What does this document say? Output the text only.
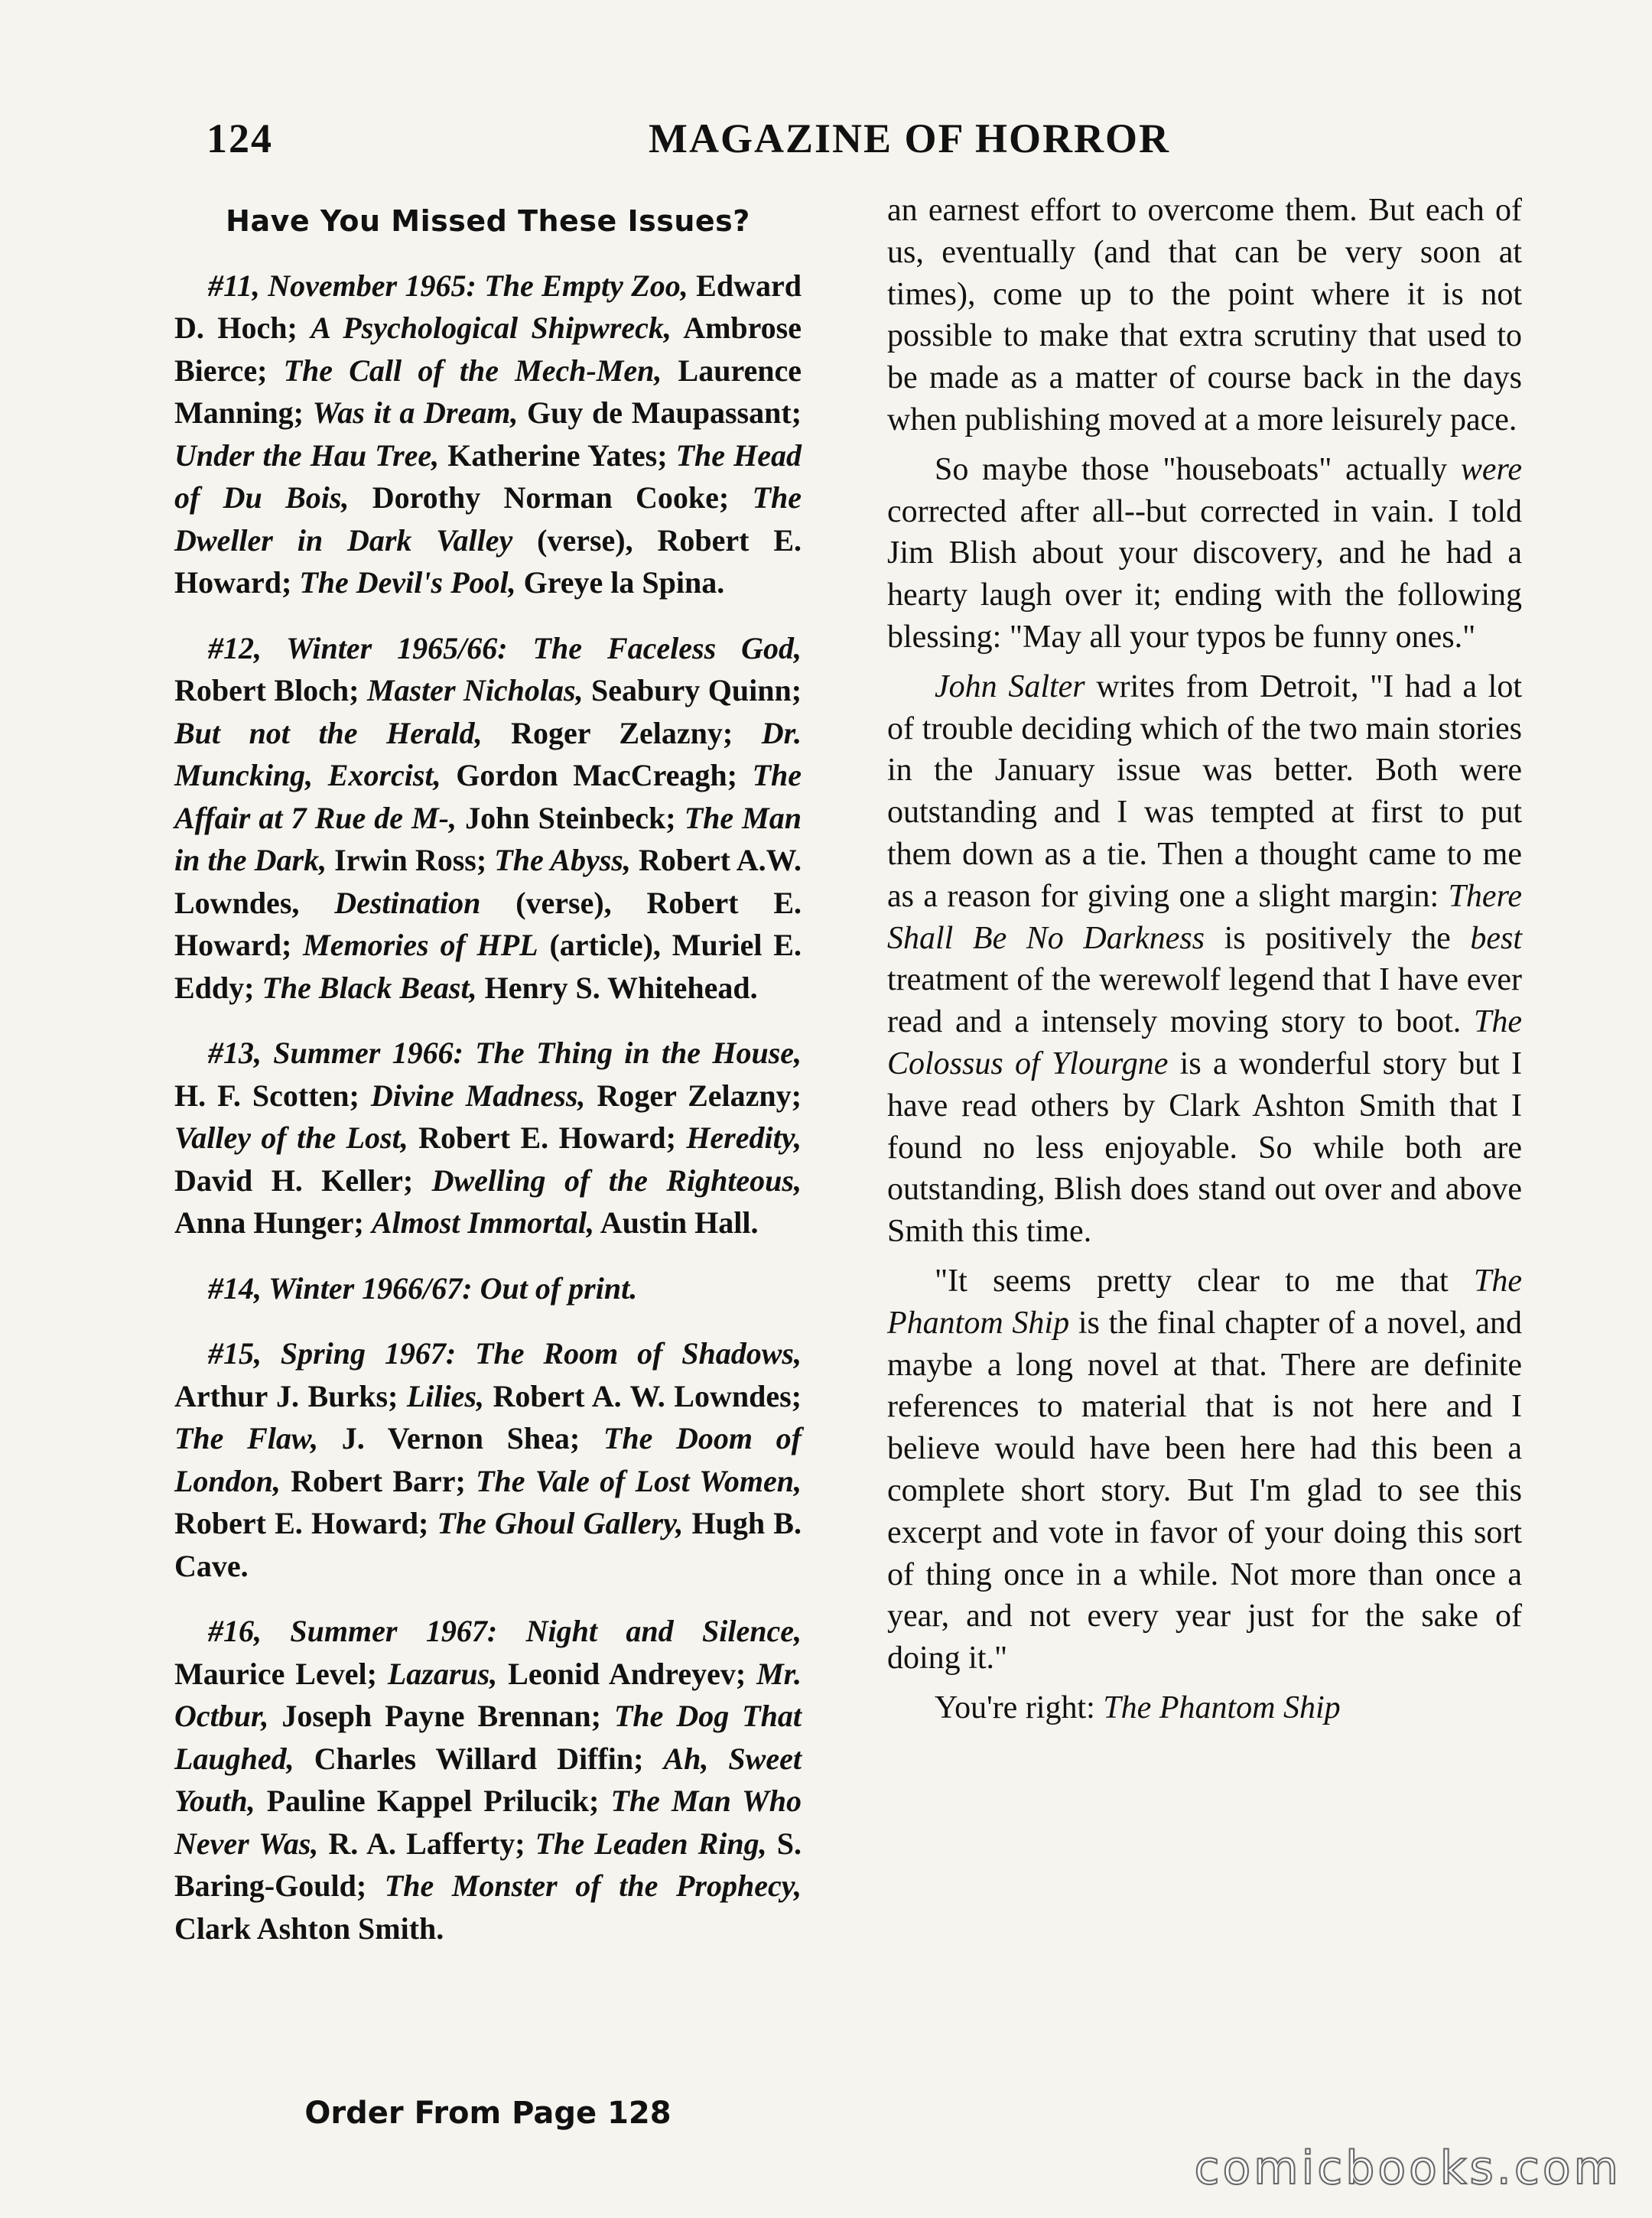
124	MAGAZINE OF HORROR
Have You Missed These Issues?

#11, November 1965: The Empty Zoo, Edward D. Hoch; A Psychological Shipwreck, Ambrose Bierce; The Call of the Mech-Men, Laurence Manning; Was it a Dream, Guy de Maupassant; Under the Hau Tree, Katherine Yates; The Head of Du Bois, Dorothy Norman Cooke; The Dweller in Dark Valley (verse), Robert E. Howard; The Devil's Pool, Greye la Spina.

#12, Winter 1965/66: The Faceless God, Robert Bloch; Master Nicholas, Seabury Quinn; But not the Herald, Roger Zelazny; Dr. Muncking, Exorcist, Gordon MacCreagh; The Affair at 7 Rue de M-, John Steinbeck; The Man in the Dark, Irwin Ross; The Abyss, Robert A.W. Lowndes, Destination (verse), Robert E. Howard; Memories of HPL (article), Muriel E. Eddy; The Black Beast, Henry S. Whitehead.

#13, Summer 1966: The Thing in the House, H. F. Scotten; Divine Madness, Roger Zelazny; Valley of the Lost, Robert E. Howard; Heredity, David H. Keller; Dwelling of the Righteous, Anna Hunger; Almost Immortal, Austin Hall.

#14, Winter 1966/67: Out of print.

#15, Spring 1967: The Room of Shadows, Arthur J. Burks; Lilies, Robert A. W. Lowndes; The Flaw, J. Vernon Shea; The Doom of London, Robert Barr; The Vale of Lost Women, Robert E. Howard; The Ghoul Gallery, Hugh B. Cave.

#16, Summer 1967: Night and Silence, Maurice Level; Lazarus, Leonid Andreyev; Mr. Octbur, Joseph Payne Brennan; The Dog That Laughed, Charles Willard Diffin; Ah, Sweet Youth, Pauline Kappel Prilucik; The Man Who Never Was, R. A. Lafferty; The Leaden Ring, S. Baring-Gould; The Monster of the Prophecy, Clark Ashton Smith.

Order From Page 128

an earnest effort to overcome them. But each of us, eventually (and that can be very soon at times), come up to the point where it is not possible to make that extra scrutiny that used to be made as a matter of course back in the days when publishing moved at a more leisurely pace.

So maybe those "houseboats" actually were corrected after all--but corrected in vain. I told Jim Blish about your discovery, and he had a hearty laugh over it; ending with the following blessing: "May all your typos be funny ones."

John Salter writes from Detroit, "I had a lot of trouble deciding which of the two main stories in the January issue was better. Both were outstanding and I was tempted at first to put them down as a tie. Then a thought came to me as a reason for giving one a slight margin: There Shall Be No Darkness is positively the best treatment of the werewolf legend that I have ever read and a intensely moving story to boot. The Colossus of Ylourgne is a wonderful story but I have read others by Clark Ashton Smith that I found no less enjoyable. So while both are outstanding, Blish does stand out over and above Smith this time.

"It seems pretty clear to me that The Phantom Ship is the final chapter of a novel, and maybe a long novel at that. There are definite references to material that is not here and I believe would have been here had this been a complete short story. But I'm glad to see this excerpt and vote in favor of your doing this sort of thing once in a while. Not more than once a year, and not every year just for the sake of doing it."

You're right: The Phantom Ship

comicbooks.com
